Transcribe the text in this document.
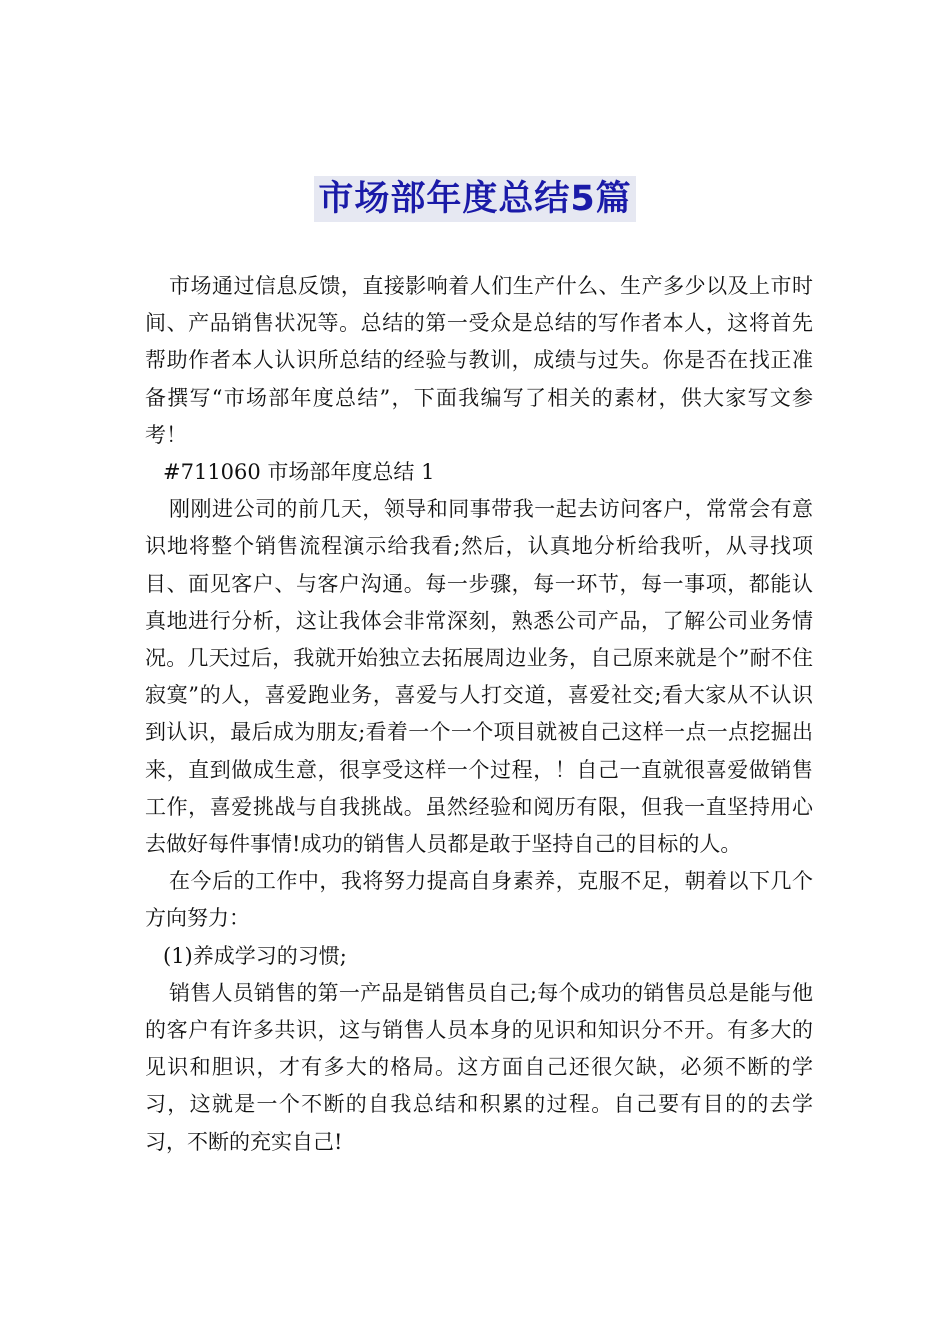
市场部年度总结5篇

市场通过信息反馈，直接影响着人们生产什么、生产多少以及上市时间、产品销售状况等。总结的第一受众是总结的写作者本人，这将首先帮助作者本人认识所总结的经验与教训，成绩与过失。你是否在找正准备撰写“市场部年度总结”，下面我编写了相关的素材，供大家写文参考！

#711060 市场部年度总结 1

刚刚进公司的前几天，领导和同事带我一起去访问客户，常常会有意识地将整个销售流程演示给我看;然后，认真地分析给我听，从寻找项目、面见客户、与客户沟通。每一步骤，每一环节，每一事项，都能认真地进行分析，这让我体会非常深刻，熟悉公司产品，了解公司业务情况。几天过后，我就开始独立去拓展周边业务，自己原来就是个”耐不住寂寞”的人，喜爱跑业务，喜爱与人打交道，喜爱社交;看大家从不认识到认识，最后成为朋友;看着一个一个项目就被自己这样一点一点挖掘出来，直到做成生意，很享受这样一个过程，！自己一直就很喜爱做销售工作，喜爱挑战与自我挑战。虽然经验和阅历有限，但我一直坚持用心去做好每件事情!成功的销售人员都是敢于坚持自己的目标的人。

在今后的工作中，我将努力提高自身素养，克服不足，朝着以下几个方向努力：

(1)养成学习的习惯;

销售人员销售的第一产品是销售员自己;每个成功的销售员总是能与他的客户有许多共识，这与销售人员本身的见识和知识分不开。有多大的见识和胆识，才有多大的格局。这方面自己还很欠缺，必须不断的学习，这就是一个不断的自我总结和积累的过程。自己要有目的的去学习，不断的充实自己!
